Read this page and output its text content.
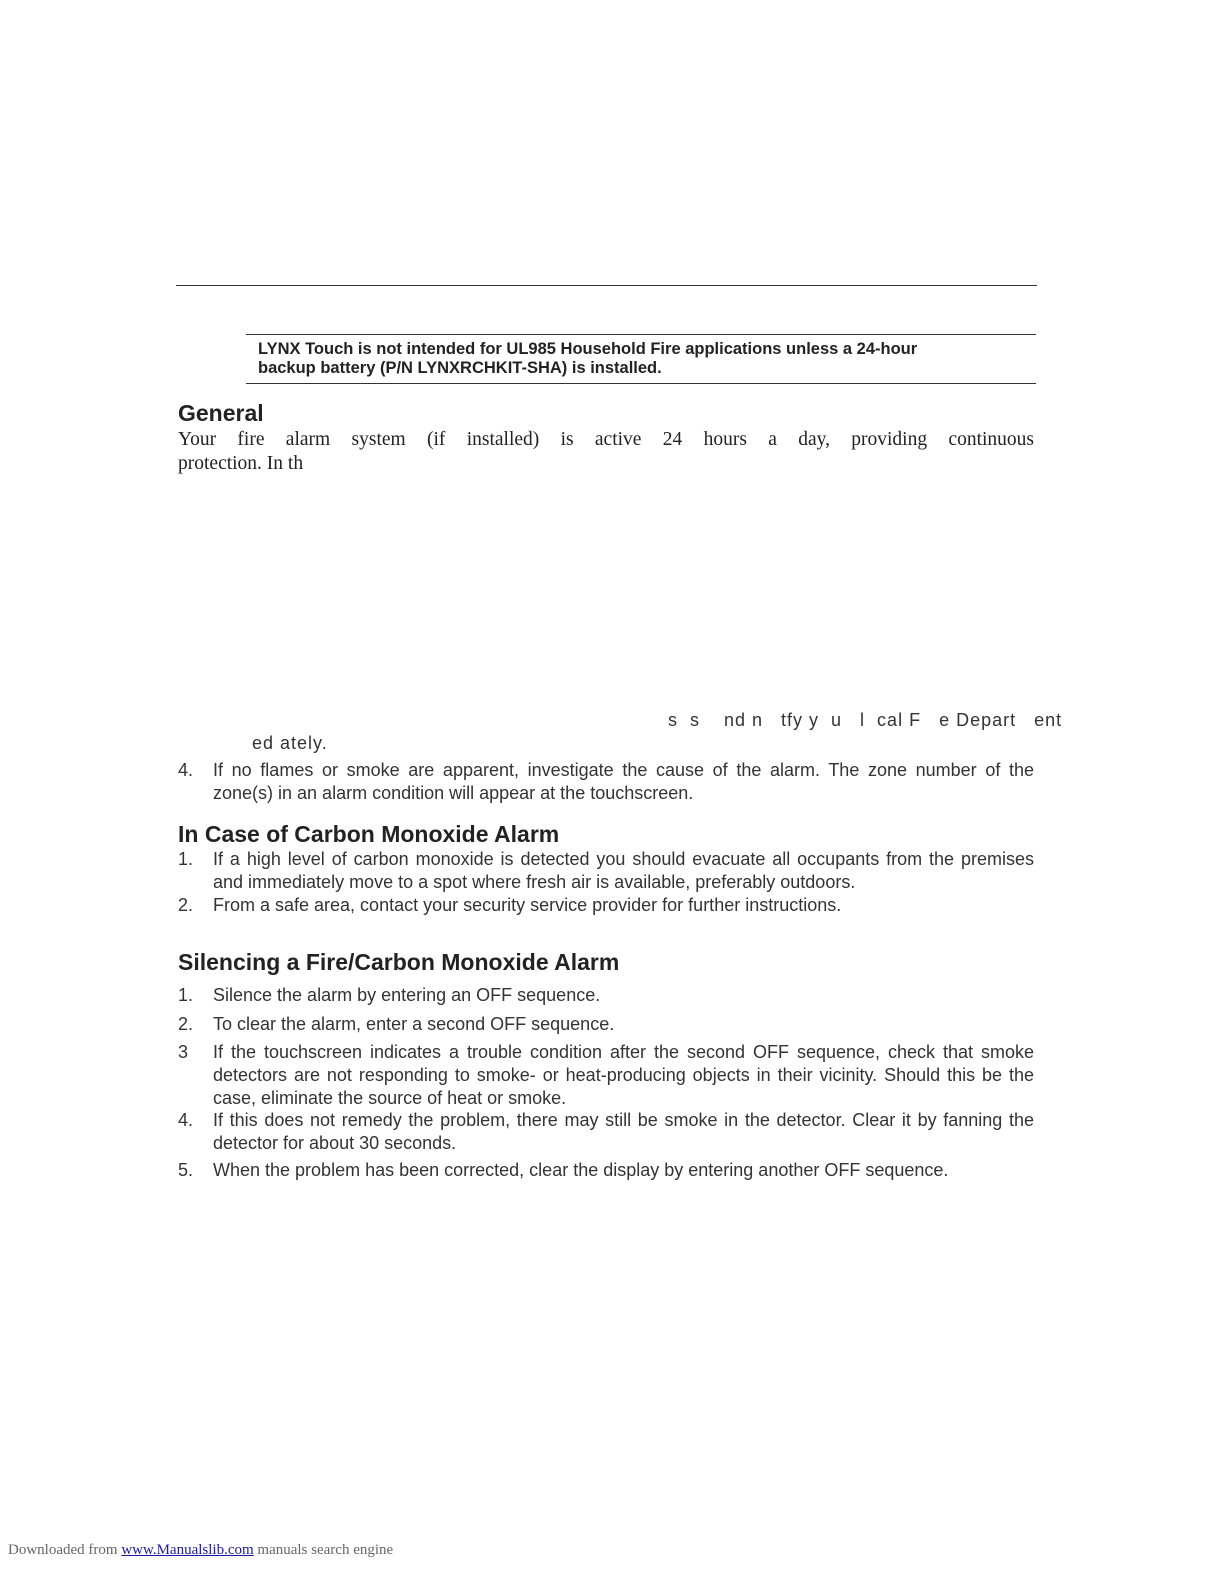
LYNX Touch is not intended for UL985 Household Fire applications unless a 24-hour

backup battery (P/N LYNXRCHKIT-SHA) is installed.

General
Your fire alarm system (if installed) is active 24 hours a day, providing continuous
protection. In th
s  s    nd n   tfy y  u   l  cal F   e Depart   ent
ed ately.
4. If no flames or smoke are apparent, investigate the cause of the alarm. The zone number of the zone(s) in an alarm condition will appear at the touchscreen.
In Case of Carbon Monoxide Alarm
1. If a high level of carbon monoxide is detected you should evacuate all occupants from the premises and immediately move to a spot where fresh air is available, preferably outdoors.
2. From a safe area, contact your security service provider for further instructions.
Silencing a Fire/Carbon Monoxide Alarm
1. Silence the alarm by entering an OFF sequence.
2. To clear the alarm, enter a second OFF sequence.
3 If the touchscreen indicates a trouble condition after the second OFF sequence, check that smoke detectors are not responding to smoke- or heat-producing objects in their vicinity. Should this be the case, eliminate the source of heat or smoke.
4. If this does not remedy the problem, there may still be smoke in the detector. Clear it by fanning the detector for about 30 seconds.
5. When the problem has been corrected, clear the display by entering another OFF sequence.
Downloaded from www.Manualslib.com manuals search engine
